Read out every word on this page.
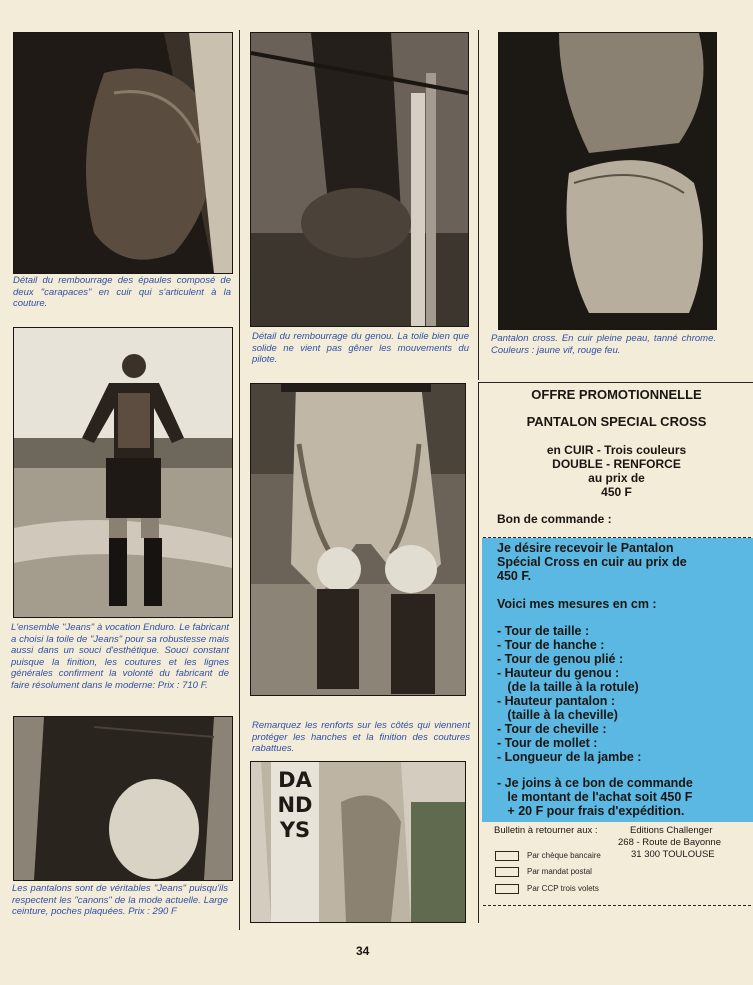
Détail du rembourrage des épaules composé de deux "carapaces" en cuir qui s'articulent à la couture.

Détail du rembourrage du genou. La toile bien que solide ne vient pas gêner les mouvements du pilote.

Pantalon cross. En cuir pleine peau, tanné chrome. Couleurs : jaune vif, rouge feu.

L'ensemble "Jeans" à vocation Enduro. Le fabricant a choisi la toile de "Jeans" pour sa robustesse mais aussi dans un souci d'esthétique. Souci constant puisque la finition, les coutures et les lignes générales confirment la volonté du fabricant de faire résolument dans le moderne: Prix : 710 F.

Remarquez les renforts sur les côtés qui viennent protéger les hanches et la finition des coutures rabattues.

Les pantalons sont de véritables "Jeans" puisqu'ils respectent les "canons" de la mode actuelle. Large ceinture, poches plaquées. Prix : 290 F

DANDYS

OFFRE PROMOTIONNELLE

PANTALON SPECIAL CROSS

en CUIR - Trois couleurs

DOUBLE - RENFORCE

au prix de

450 F

Bon de commande :

Je désire recevoir le Pantalon

Spécial Cross en cuir au prix de

450 F.

Voici mes mesures en cm :

- Tour de taille :

- Tour de hanche :

- Tour de genou plié :

- Hauteur du genou :

(de la taille à la rotule)

- Hauteur pantalon :

(taille à la cheville)

- Tour de cheville :

- Tour de mollet :

- Longueur de la jambe :

- Je joins à ce bon de commande

le montant de l'achat soit 450 F

+ 20 F pour frais d'expédition.

Bulletin à retourner aux :	Editions Challenger

268 - Route de Bayonne

31 300 TOULOUSE

Par chèque bancaire

Par mandat postal

Par CCP trois volets

34
